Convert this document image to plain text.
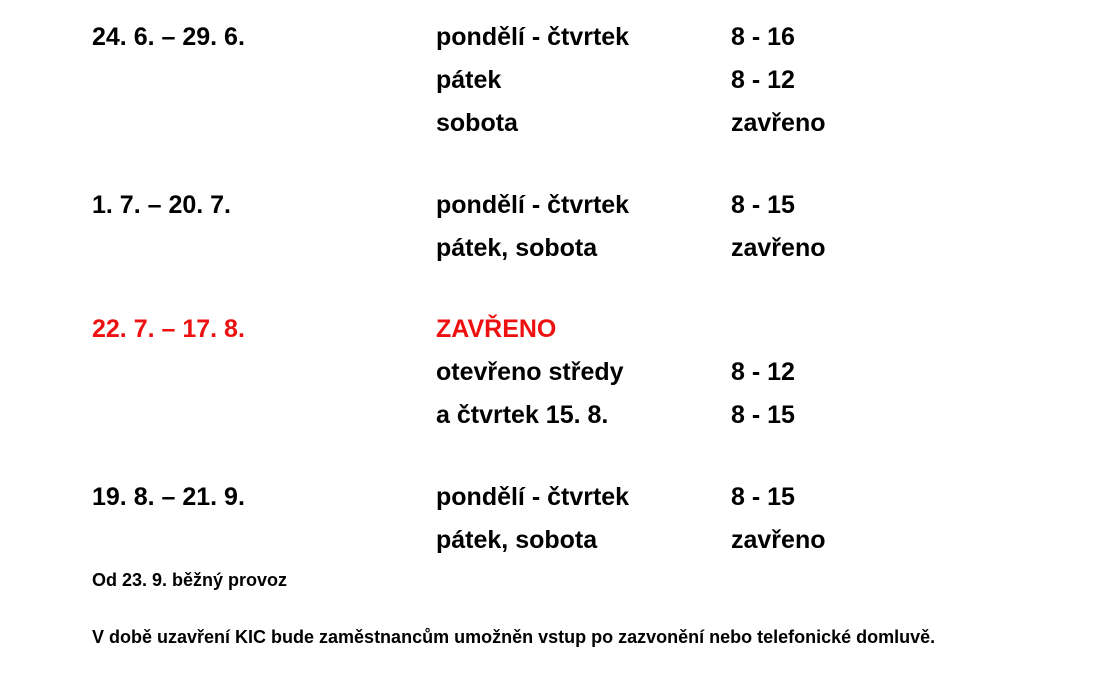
24. 6. – 29. 6.	pondělí - čtvrtek	8 - 16
pátek	8 - 12
sobota	zavřeno
1. 7. – 20. 7.	pondělí - čtvrtek	8 - 15
pátek, sobota	zavřeno
22. 7. – 17. 8.	ZAVŘENO
otevřeno středy	8 - 12
a čtvrtek 15. 8.	8 - 15
19. 8. – 21. 9.	pondělí - čtvrtek	8 - 15
pátek, sobota	zavřeno
Od 23. 9. běžný provoz
V době uzavření KIC bude zaměstnancům umožněn vstup po zazvonění nebo telefonické domluvě.
